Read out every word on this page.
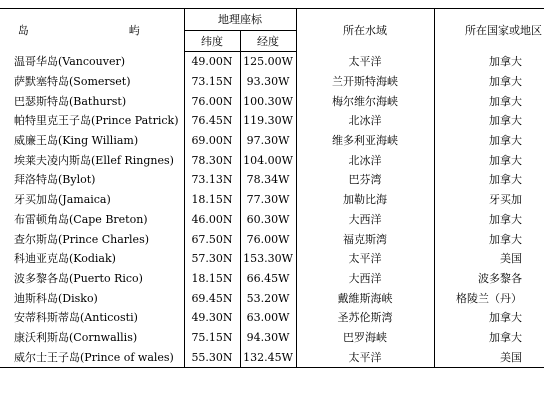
岛　　屿	地理座标		所在水域	所在国家或地区
	纬度	经度		
温哥华岛(Vancouver)	49.00N	125.00W	太平洋	加拿大
萨默塞特岛(Somerset)	73.15N	93.30W	兰开斯特海峡	加拿大
巴瑟斯特岛(Bathurst)	76.00N	100.30W	梅尔维尔海峡	加拿大
帕特里克王子岛(Prince Patrick)	76.45N	119.30W	北冰洋	加拿大
威廉王岛(King William)	69.00N	97.30W	维多利亚海峡	加拿大
埃莱夫凌内斯岛(Ellef Ringnes)	78.30N	104.00W	北冰洋	加拿大
拜洛特岛(Bylot)	73.13N	78.34W	巴芬湾	加拿大
牙买加岛(Jamaica)	18.15N	77.30W	加勒比海	牙买加
布雷顿角岛(Cape Breton)	46.00N	60.30W	大西洋	加拿大
查尔斯岛(Prince Charles)	67.50N	76.00W	福克斯湾	加拿大
科迪亚克岛(Kodiak)	57.30N	153.30W	太平洋	美国
波多黎各岛(Puerto Rico)	18.15N	66.45W	大西洋	波多黎各
迪斯科岛(Disko)	69.45N	53.20W	戴維斯海峡	格陵兰（丹）
安蒂科斯蒂岛(Anticosti)	49.30N	63.00W	圣苏伦斯湾	加拿大
康沃利斯岛(Cornwallis)	75.15N	94.30W	巴罗海峡	加拿大
威尔士王子岛(Prince of wales)	55.30N	132.45W	太平洋	美国
